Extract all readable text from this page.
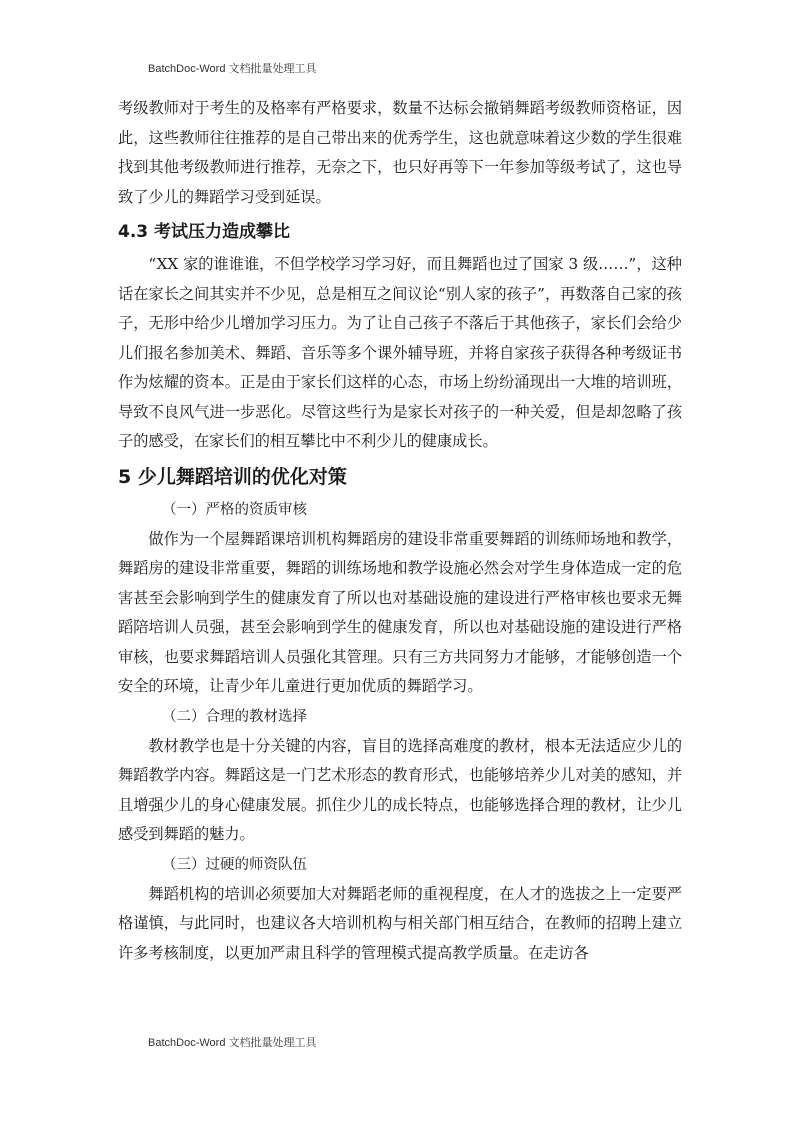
BatchDoc-Word 文档批量处理工具

考级教师对于考生的及格率有严格要求，数量不达标会撤销舞蹈考级教师资格证，因此，这些教师往往推荐的是自己带出来的优秀学生，这也就意味着这少数的学生很难找到其他考级教师进行推荐，无奈之下，也只好再等下一年参加等级考试了，这也导致了少儿的舞蹈学习受到延误。

4.3 考试压力造成攀比

“XX 家的谁谁谁，不但学校学习学习好，而且舞蹈也过了国家 3 级……”，这种话在家长之间其实并不少见，总是相互之间议论“别人家的孩子”，再数落自己家的孩子，无形中给少儿增加学习压力。为了让自己孩子不落后于其他孩子，家长们会给少儿们报名参加美术、舞蹈、音乐等多个课外辅导班，并将自家孩子获得各种考级证书作为炫耀的资本。正是由于家长们这样的心态，市场上纷纷涌现出一大堆的培训班，导致不良风气进一步恶化。尽管这些行为是家长对孩子的一种关爱，但是却忽略了孩子的感受，在家长们的相互攀比中不利少儿的健康成长。

5 少儿舞蹈培训的优化对策

（一）严格的资质审核

做作为一个屋舞蹈课培训机构舞蹈房的建设非常重要舞蹈的训练师场地和教学，舞蹈房的建设非常重要，舞蹈的训练场地和教学设施必然会对学生身体造成一定的危害甚至会影响到学生的健康发育了所以也对基础设施的建设进行严格审核也要求无舞蹈陪培训人员强，甚至会影响到学生的健康发育，所以也对基础设施的建设进行严格审核，也要求舞蹈培训人员强化其管理。只有三方共同努力才能够，才能够创造一个安全的环境，让青少年儿童进行更加优质的舞蹈学习。

（二）合理的教材选择

教材教学也是十分关键的内容，盲目的选择高难度的教材，根本无法适应少儿的舞蹈教学内容。舞蹈这是一门艺术形态的教育形式，也能够培养少儿对美的感知，并且增强少儿的身心健康发展。抓住少儿的成长特点，也能够选择合理的教材，让少儿感受到舞蹈的魅力。

（三）过硬的师资队伍

舞蹈机构的培训必须要加大对舞蹈老师的重视程度，在人才的选拔之上一定要严格谨慎，与此同时，也建议各大培训机构与相关部门相互结合，在教师的招聘上建立许多考核制度，以更加严肃且科学的管理模式提高教学质量。在走访各

BatchDoc-Word 文档批量处理工具
